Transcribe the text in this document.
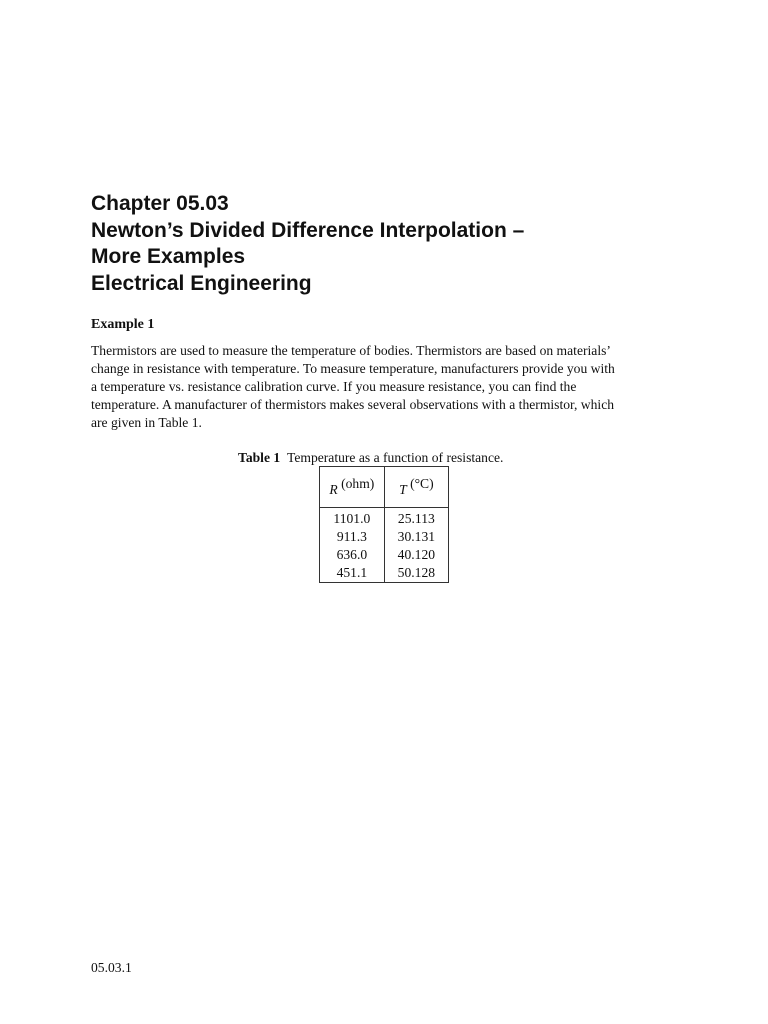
Chapter 05.03
Newton’s Divided Difference Interpolation –
More Examples
Electrical Engineering
Example 1
Thermistors are used to measure the temperature of bodies. Thermistors are based on materials’
change in resistance with temperature. To measure temperature, manufacturers provide you with
a temperature vs. resistance calibration curve. If you measure resistance, you can find the
temperature. A manufacturer of thermistors makes several observations with a thermistor, which
are given in Table 1.
Table 1 Temperature as a function of resistance.
R (ohm)	T (°C)
1101.0	25.113
911.3	30.131
636.0	40.120
451.1	50.128
05.03.1
